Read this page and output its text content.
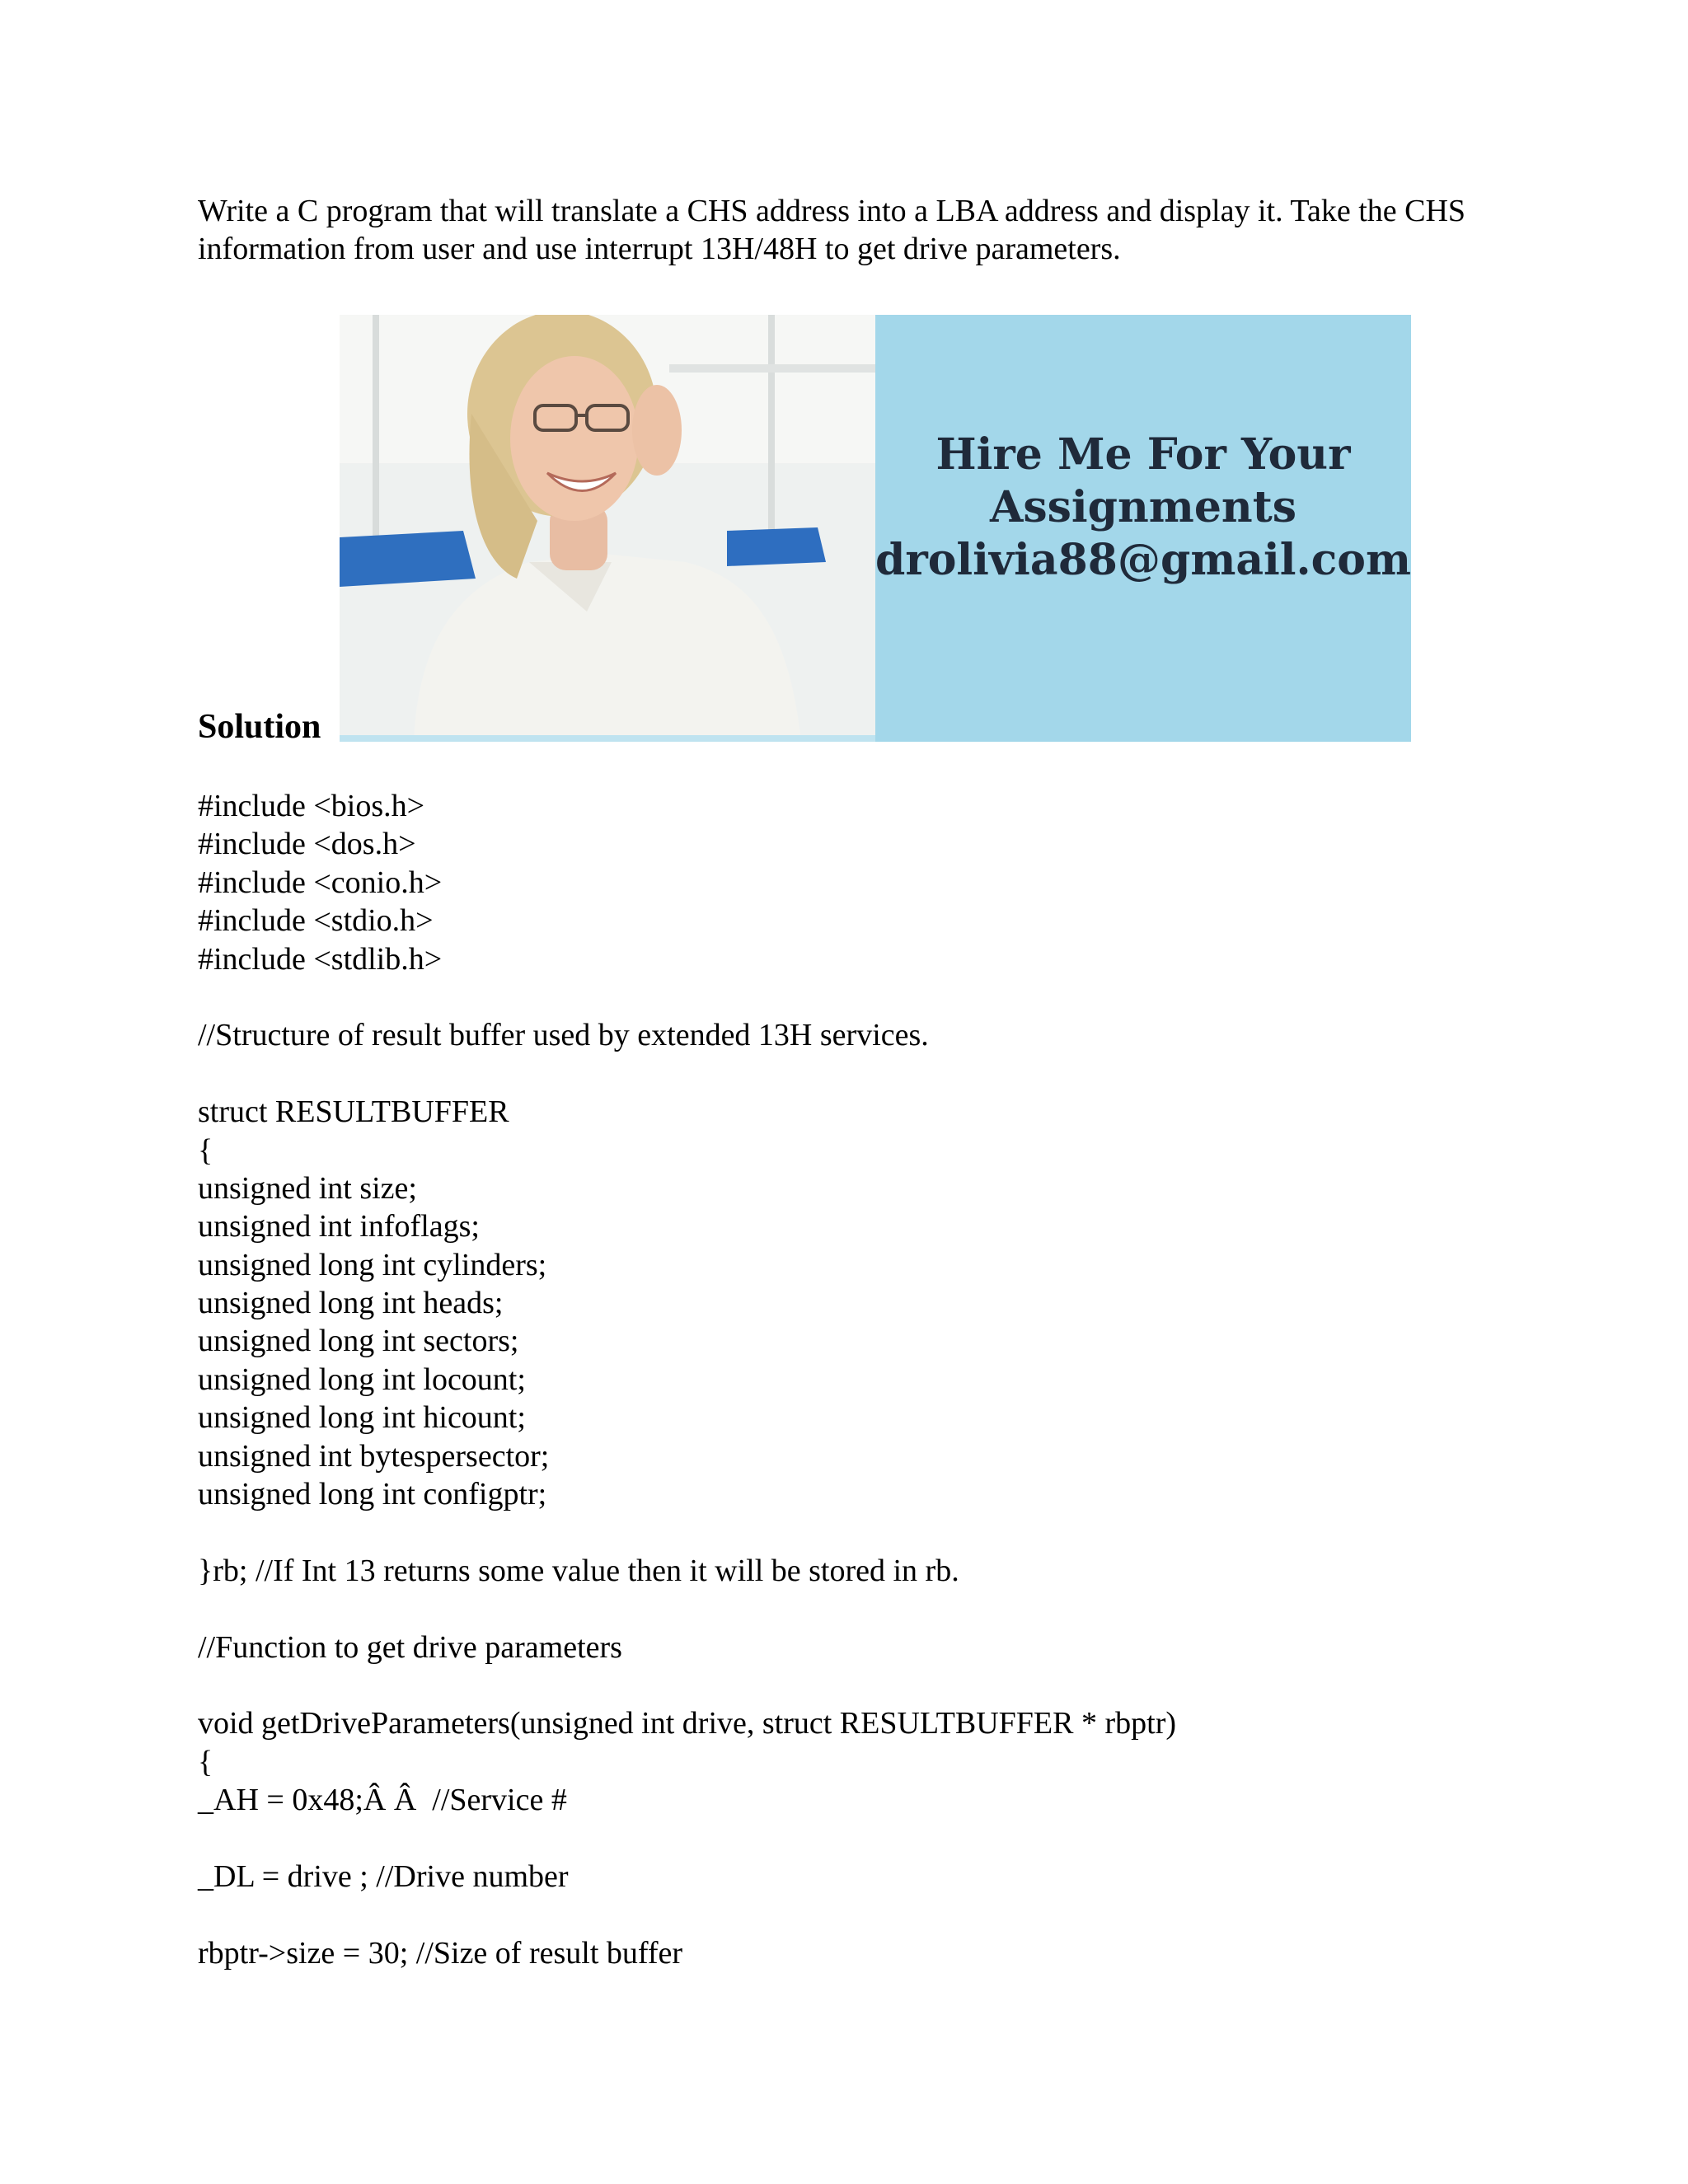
Write a C program that will translate a CHS address into a LBA address and display it. Take the CHS information from user and use interrupt 13H/48H to get drive parameters.

Hire Me For Your
Assignments
drolivia88@gmail.com
Solution
#include <bios.h>
#include <dos.h>
#include <conio.h>
#include <stdio.h>
#include <stdlib.h>
//Structure of result buffer used by extended 13H services.
struct RESULTBUFFER
{
unsigned int size;
unsigned int infoflags;
unsigned long int cylinders;
unsigned long int heads;
unsigned long int sectors;
unsigned long int locount;
unsigned long int hicount;
unsigned int bytespersector;
unsigned long int configptr;
}rb; //If Int 13 returns some value then it will be stored in rb.
//Function to get drive parameters
void getDriveParameters(unsigned int drive, struct RESULTBUFFER * rbptr)
{
_AH = 0x48;Â Â  //Service #
_DL = drive ; //Drive number
rbptr->size = 30; //Size of result buffer
